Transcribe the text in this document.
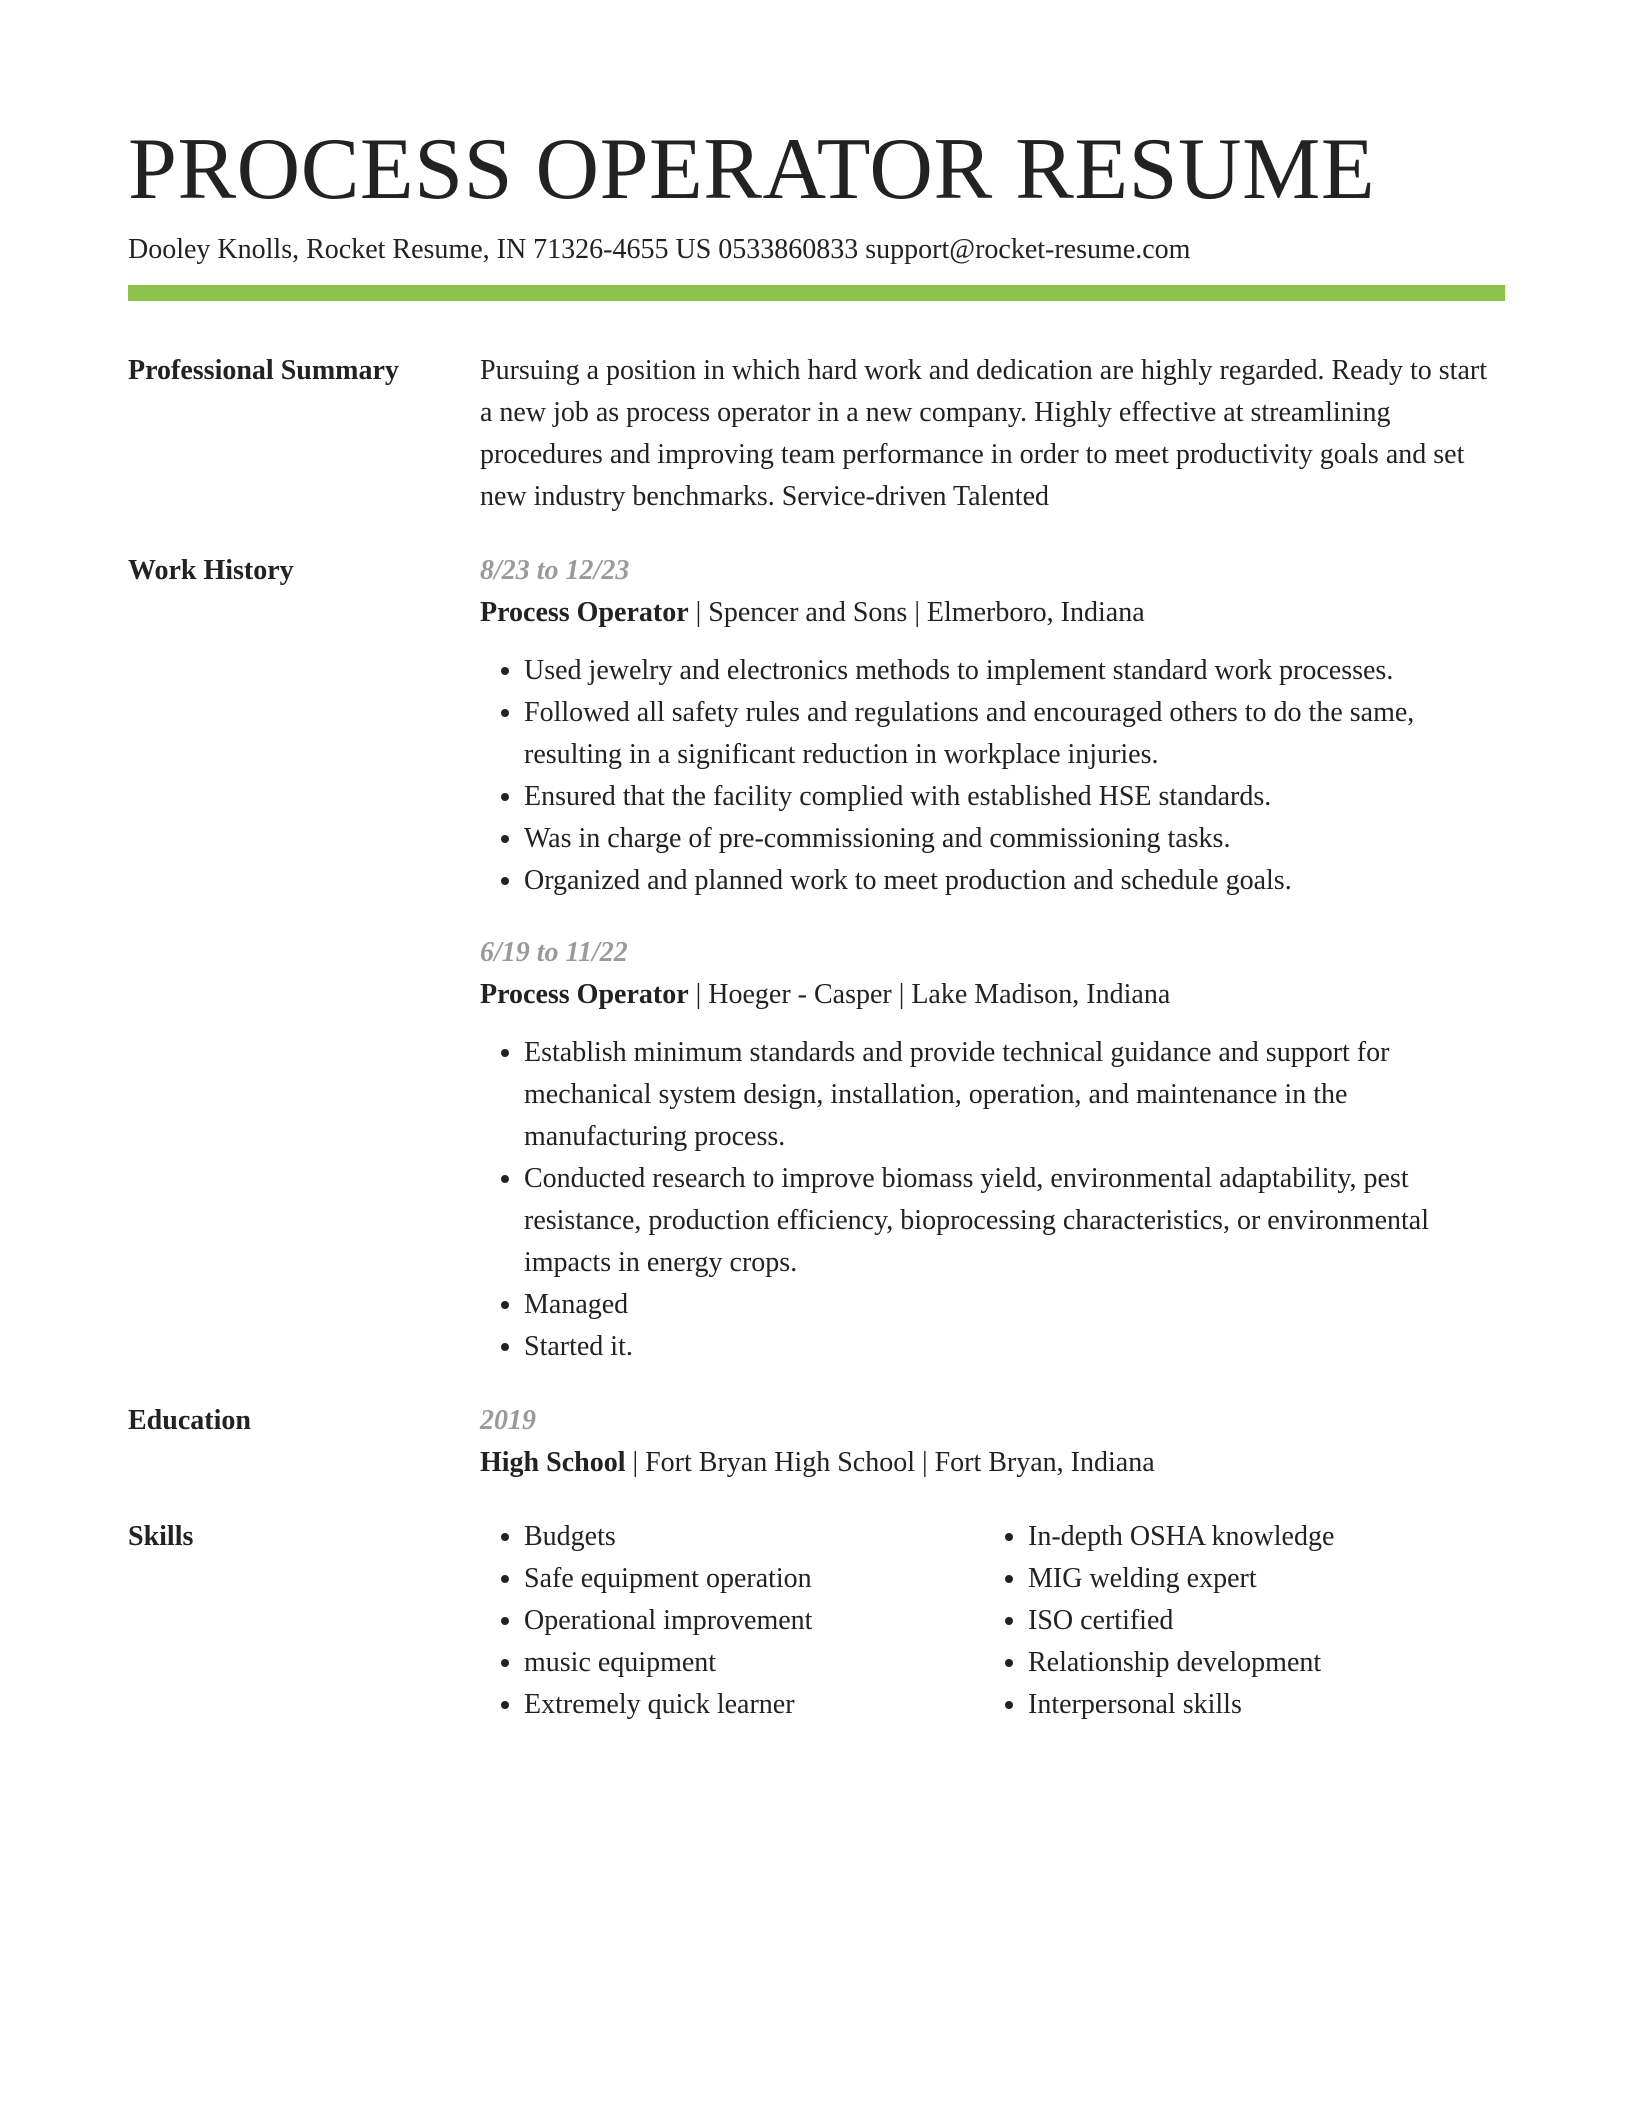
PROCESS OPERATOR RESUME
Dooley Knolls, Rocket Resume, IN 71326-4655 US 0533860833 support@rocket-resume.com
Professional Summary	Pursuing a position in which hard work and dedication are highly regarded. Ready to start a new job as process operator in a new company. Highly effective at streamlining procedures and improving team performance in order to meet productivity goals and set new industry benchmarks. Service-driven Talented

Work History	8/23 to 12/23

Process Operator | Spencer and Sons | Elmerboro, Indiana

• Used jewelry and electronics methods to implement standard work processes.
• Followed all safety rules and regulations and encouraged others to do the same, resulting in a significant reduction in workplace injuries.
• Ensured that the facility complied with established HSE standards.
• Was in charge of pre-commissioning and commissioning tasks.
• Organized and planned work to meet production and schedule goals.
6/19 to 11/22

Process Operator | Hoeger - Casper | Lake Madison, Indiana

• Establish minimum standards and provide technical guidance and support for mechanical system design, installation, operation, and maintenance in the manufacturing process.
• Conducted research to improve biomass yield, environmental adaptability, pest resistance, production efficiency, bioprocessing characteristics, or environmental impacts in energy crops.
• Managed
• Started it.
Education	2019

High School | Fort Bryan High School | Fort Bryan, Indiana

Skills
•	Budgets
• Safe equipment operation
• Operational improvement
• music equipment
• Extremely quick learner
• In-depth OSHA knowledge
• MIG welding expert
• ISO certified
• Relationship development
• Interpersonal skills
